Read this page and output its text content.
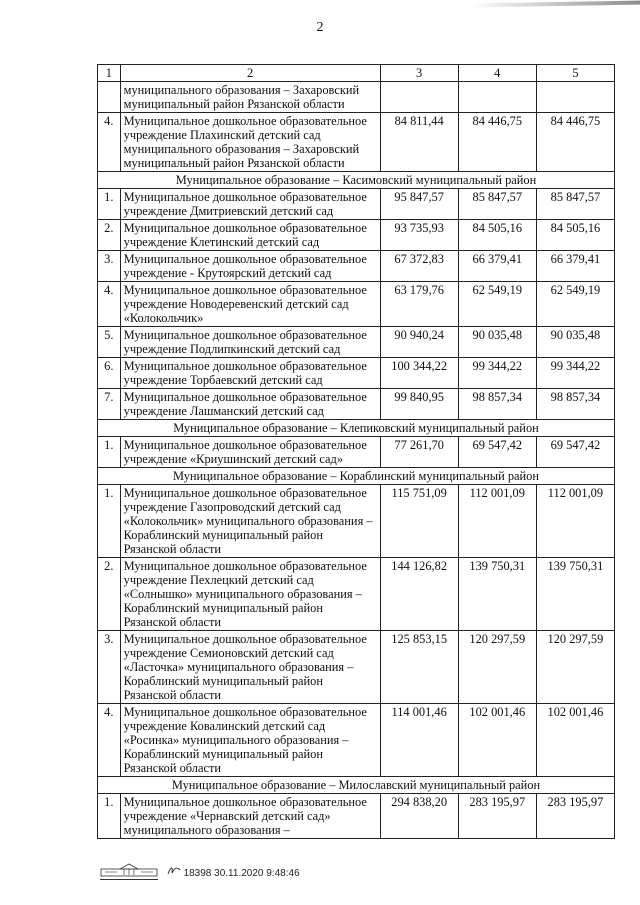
2
1	2	3	4	5
	муниципального образования – Захаровский муниципальный район Рязанской области			
4.	Муниципальное дошкольное образовательное учреждение Плахинский детский сад муниципального образования – Захаровский муниципальный район Рязанской области	84 811,44	84 446,75	84 446,75
Муниципальное образование – Касимовский муниципальный район				
1.	Муниципальное дошкольное образовательное учреждение Дмитриевский детский сад	95 847,57	85 847,57	85 847,57
2.	Муниципальное дошкольное образовательное учреждение Клетинский детский сад	93 735,93	84 505,16	84 505,16
3.	Муниципальное дошкольное образовательное учреждение - Крутоярский детский сад	67 372,83	66 379,41	66 379,41
4.	Муниципальное дошкольное образовательное учреждение Новодеревенский детский сад «Колокольчик»	63 179,76	62 549,19	62 549,19
5.	Муниципальное дошкольное образовательное учреждение Подлипкинский детский сад	90 940,24	90 035,48	90 035,48
6.	Муниципальное дошкольное образовательное учреждение Торбаевский детский сад	100 344,22	99 344,22	99 344,22
7.	Муниципальное дошкольное образовательное учреждение Лашманский детский сад	99 840,95	98 857,34	98 857,34
Муниципальное образование – Клепиковский муниципальный район				
1.	Муниципальное дошкольное образовательное учреждение «Криушинский детский сад»	77 261,70	69 547,42	69 547,42
Муниципальное образование – Кораблинский муниципальный район				
1.	Муниципальное дошкольное образовательное учреждение Газопроводский детский сад «Колокольчик» муниципального образования – Кораблинский муниципальный район Рязанской области	115 751,09	112 001,09	112 001,09
2.	Муниципальное дошкольное образовательное учреждение Пехлецкий детский сад «Солнышко» муниципального образования – Кораблинский муниципальный район Рязанской области	144 126,82	139 750,31	139 750,31
3.	Муниципальное дошкольное образовательное учреждение Семионовский детский сад «Ласточка» муниципального образования – Кораблинский муниципальный район Рязанской области	125 853,15	120 297,59	120 297,59
4.	Муниципальное дошкольное образовательное учреждение Ковалинский детский сад «Росинка» муниципального образования – Кораблинский муниципальный район Рязанской области	114 001,46	102 001,46	102 001,46
Муниципальное образование – Милославский муниципальный район				
1.	Муниципальное дошкольное образовательное учреждение «Чернавский детский сад» муниципального образования –	294 838,20	283 195,97	283 195,97
18398 30.11.2020 9:48:46
